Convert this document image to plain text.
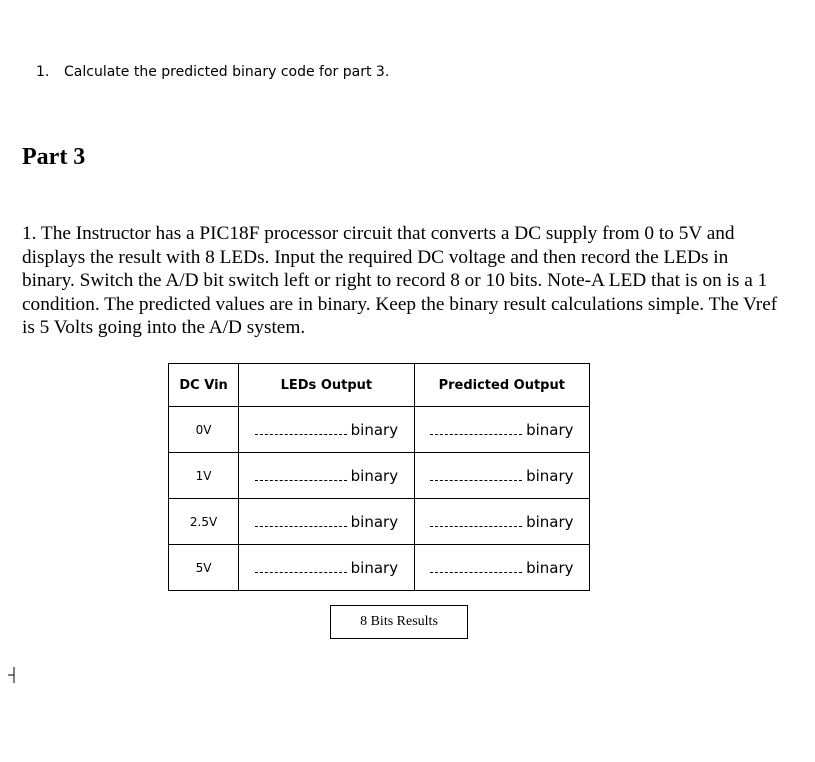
1. Calculate the predicted binary code for part 3.
Part 3
1. The Instructor has a PIC18F processor circuit that converts a DC supply from 0 to 5V and displays the result with 8 LEDs. Input the required DC voltage and then record the LEDs in binary. Switch the A/D bit switch left or right to record 8 or 10 bits. Note-A LED that is on is a 1 condition. The predicted values are in binary. Keep the binary result calculations simple. The Vref is 5 Volts going into the A/D system.
DC Vin	LEDs Output	Predicted Output
0V	binary	binary

1V	binary	binary

2.5V	binary	binary

5V	binary	binary
8 Bits Results
